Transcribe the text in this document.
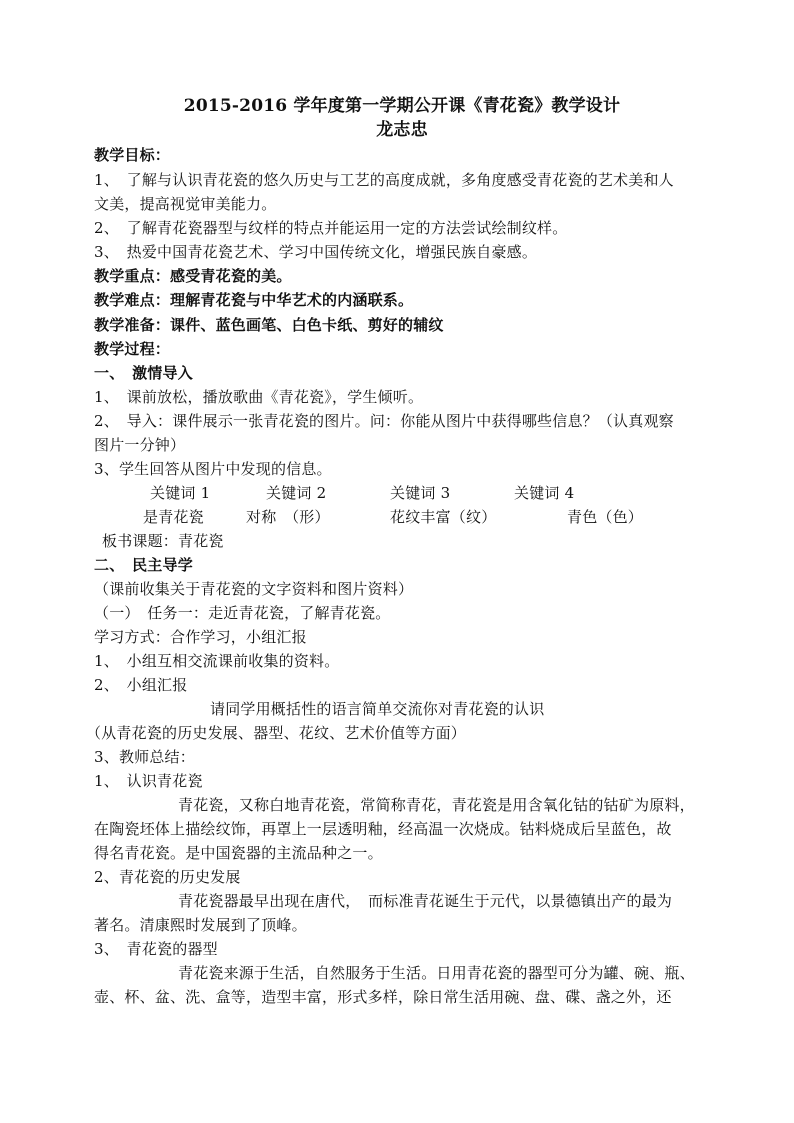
2015-2016 学年度第一学期公开课《青花瓷》教学设计
龙志忠
教学目标：
1、　了解与认识青花瓷的悠久历史与工艺的高度成就，多角度感受青花瓷的艺术美和人
文美，提高视觉审美能力。
2、　了解青花瓷器型与纹样的特点并能运用一定的方法尝试绘制纹样。
3、　热爱中国青花瓷艺术、学习中国传统文化，增强民族自豪感。
教学重点：感受青花瓷的美。
教学难点：理解青花瓷与中华艺术的内涵联系。
教学准备：课件、蓝色画笔、白色卡纸、剪好的辅纹
教学过程：
一、　激情导入
1、　课前放松，播放歌曲《青花瓷》，学生倾听。
2、　导入：课件展示一张青花瓷的图片。问：你能从图片中获得哪些信息？（认真观察
图片一分钟）
3、学生回答从图片中发现的信息。
关键词 1	关键词 2	关键词 3	关键词 4
是青花瓷	对称　（形）	花纹丰富（纹）	青色（色）
板书课题：青花瓷
二、　民主导学
（课前收集关于青花瓷的文字资料和图片资料）
（一）　任务一：走近青花瓷，了解青花瓷。
学习方式：合作学习，小组汇报
1、　小组互相交流课前收集的资料。
2、　小组汇报
请同学用概括性的语言简单交流你对青花瓷的认识
（从青花瓷的历史发展、器型、花纹、艺术价值等方面）
3、教师总结：
1、　认识青花瓷
青花瓷，又称白地青花瓷，常简称青花，青花瓷是用含氧化钴的钴矿为原料，
在陶瓷坯体上描绘纹饰，再罩上一层透明釉，经高温一次烧成。钴料烧成后呈蓝色，故
得名青花瓷。是中国瓷器的主流品种之一。
2、青花瓷的历史发展
青花瓷器最早出现在唐代，　而标准青花诞生于元代，以景德镇出产的最为
著名。清康熙时发展到了顶峰。
3、　青花瓷的器型
青花瓷来源于生活，自然服务于生活。日用青花瓷的器型可分为罐、碗、瓶、
壶、杯、盆、洗、盒等，造型丰富，形式多样，除日常生活用碗、盘、碟、盏之外，还
